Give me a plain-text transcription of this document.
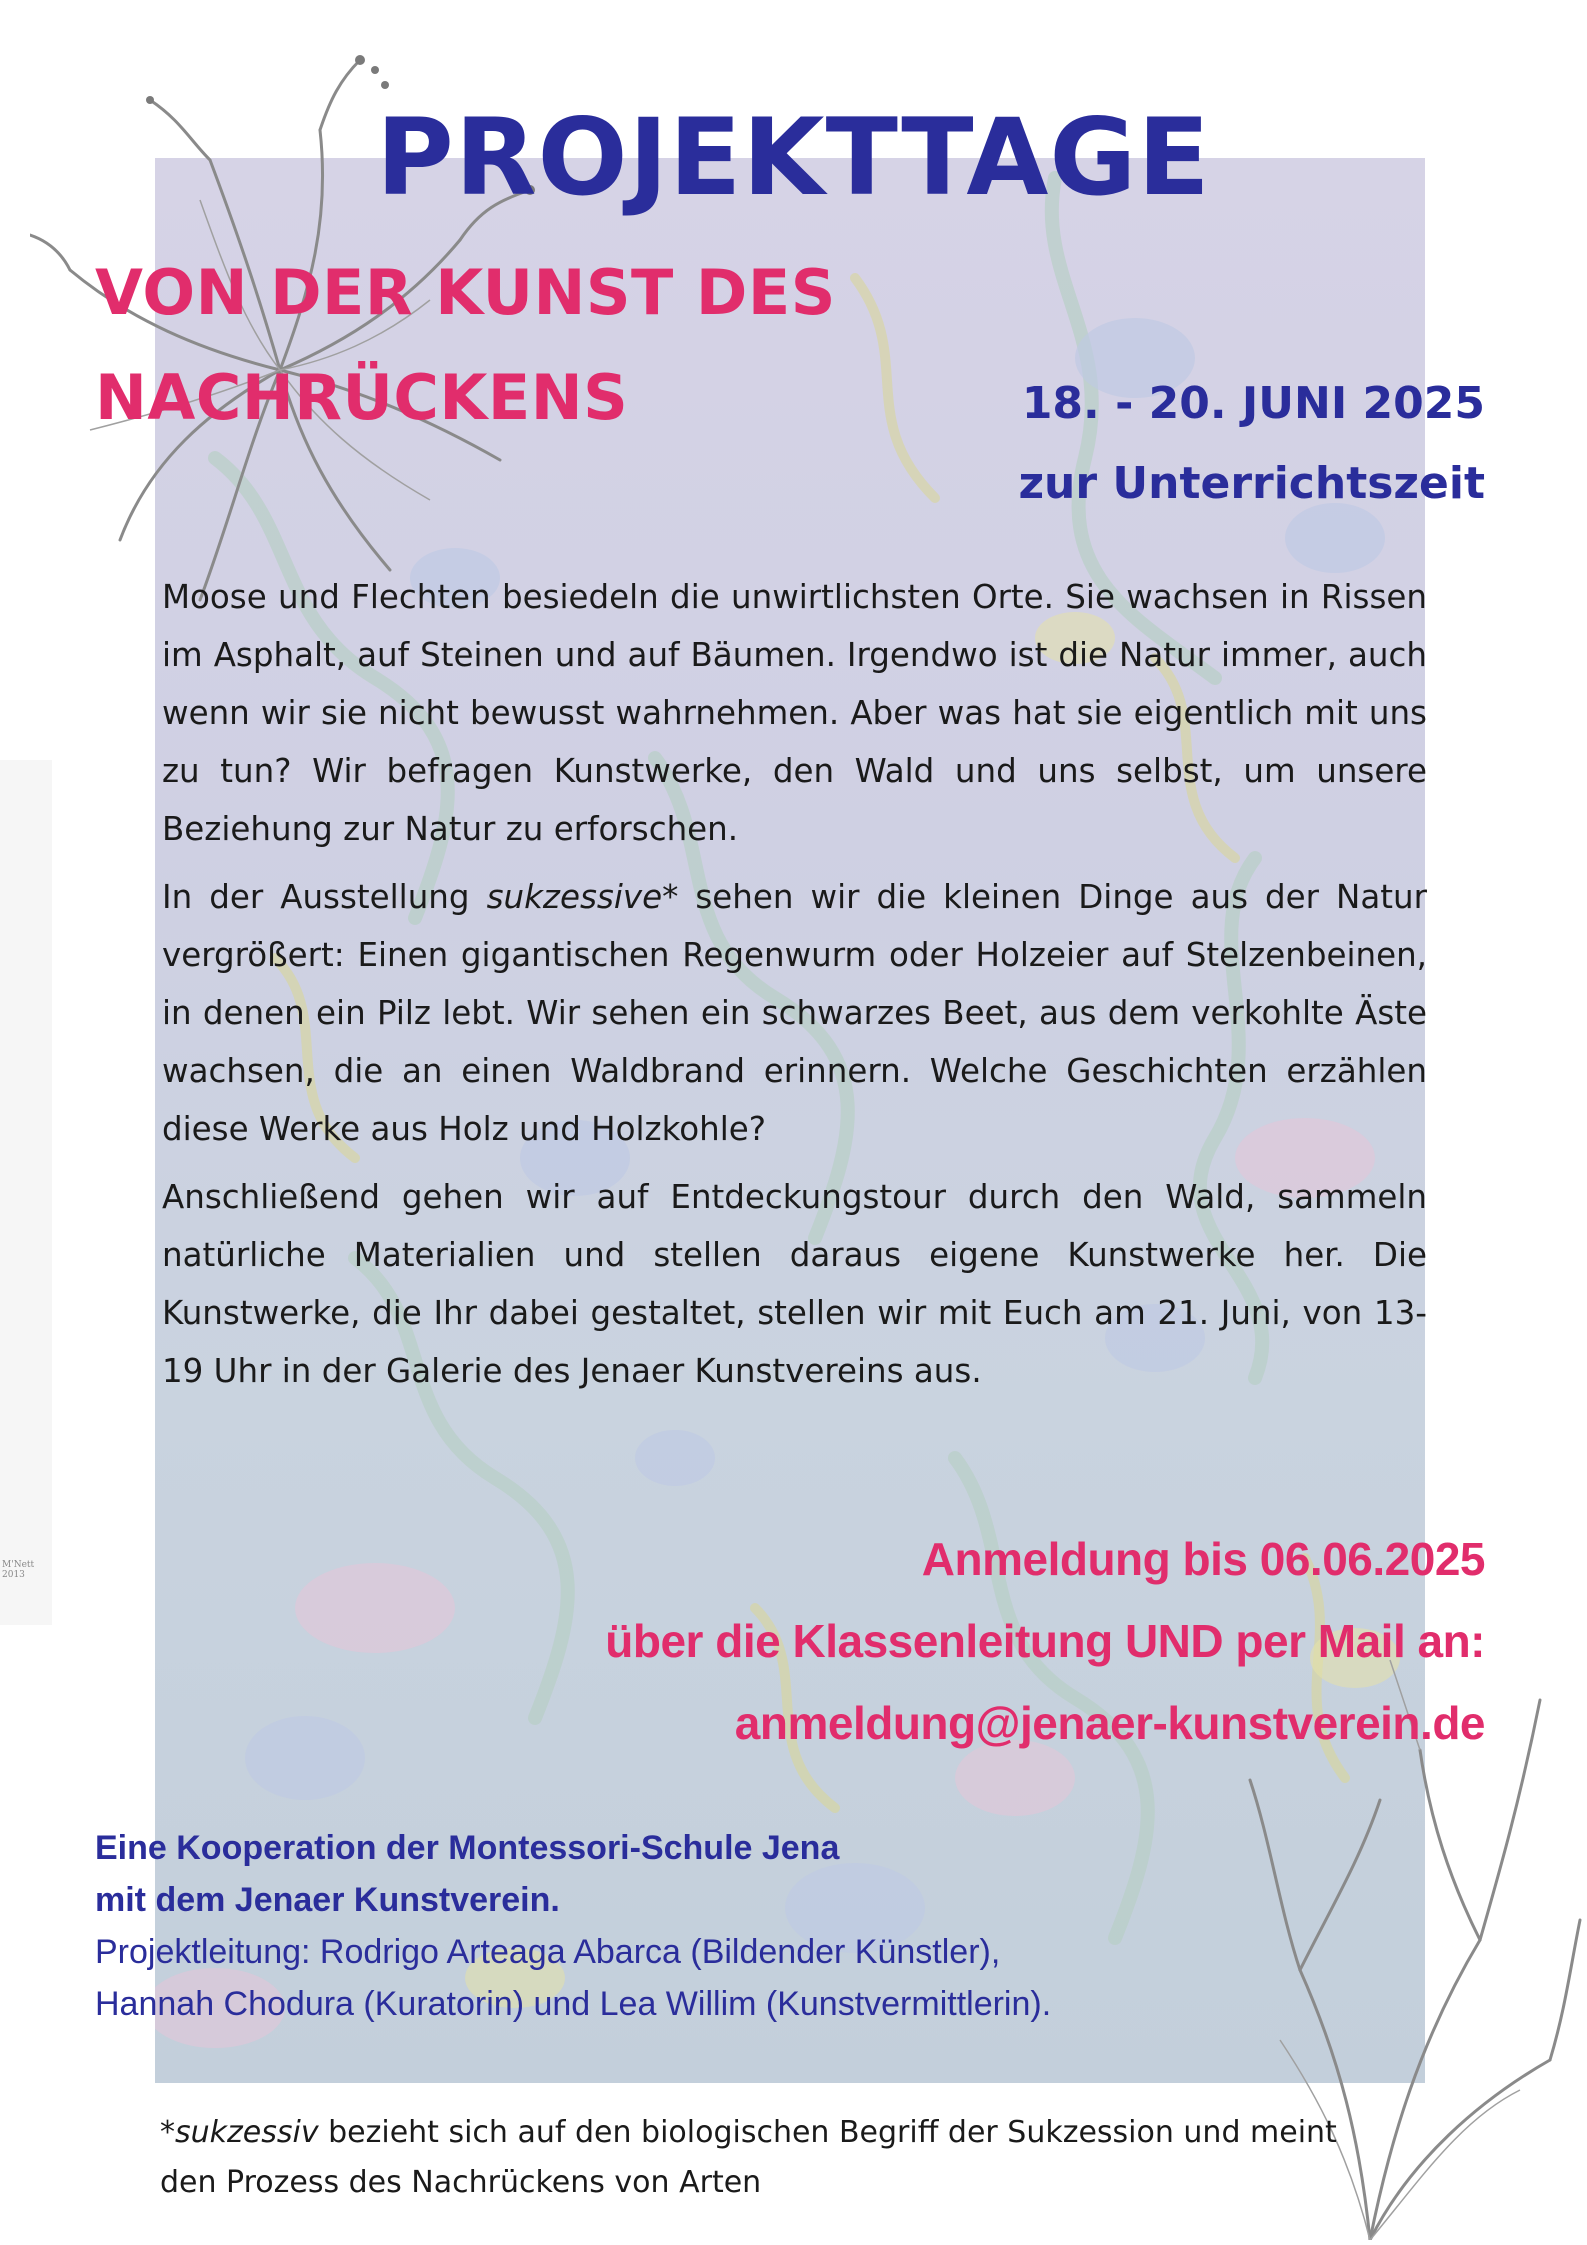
M'Nett 2013
PROJEKTTAGE
VON DER KUNST DES
NACHRÜCKENS	18. - 20. JUNI 2025
zur Unterrichtszeit

Moose und Flechten besiedeln die unwirtlichsten Orte. Sie wachsen in Rissen im Asphalt, auf Steinen und auf Bäumen. Irgendwo ist die Natur immer, auch wenn wir sie nicht bewusst wahrnehmen. Aber was hat sie eigentlich mit uns zu tun? Wir befragen Kunstwerke, den Wald und uns selbst, um unsere Beziehung zur Natur zu erforschen.

In der Ausstellung sukzessive* sehen wir die kleinen Dinge aus der Natur vergrößert: Einen gigantischen Regenwurm oder Holzeier auf Stelzenbeinen, in denen ein Pilz lebt. Wir sehen ein schwarzes Beet, aus dem verkohlte Äste wachsen, die an einen Waldbrand erinnern. Welche Geschichten erzählen diese Werke aus Holz und Holzkohle?

Anschließend gehen wir auf Entdeckungstour durch den Wald, sammeln natürliche Materialien und stellen daraus eigene Kunstwerke her. Die Kunstwerke, die Ihr dabei gestaltet, stellen wir mit Euch am 21. Juni, von 13-19 Uhr in der Galerie des Jenaer Kunstvereins aus.

Anmeldung bis 06.06.2025
über die Klassenleitung UND per Mail an:
anmeldung@jenaer-kunstverein.de
Eine Kooperation der Montessori-Schule Jena
mit dem Jenaer Kunstverein.
Projektleitung: Rodrigo Arteaga Abarca (Bildender Künstler),
Hannah Chodura (Kuratorin) und Lea Willim (Kunstvermittlerin).
*sukzessiv bezieht sich auf den biologischen Begriff der Sukzession und meint den Prozess des Nachrückens von Arten
